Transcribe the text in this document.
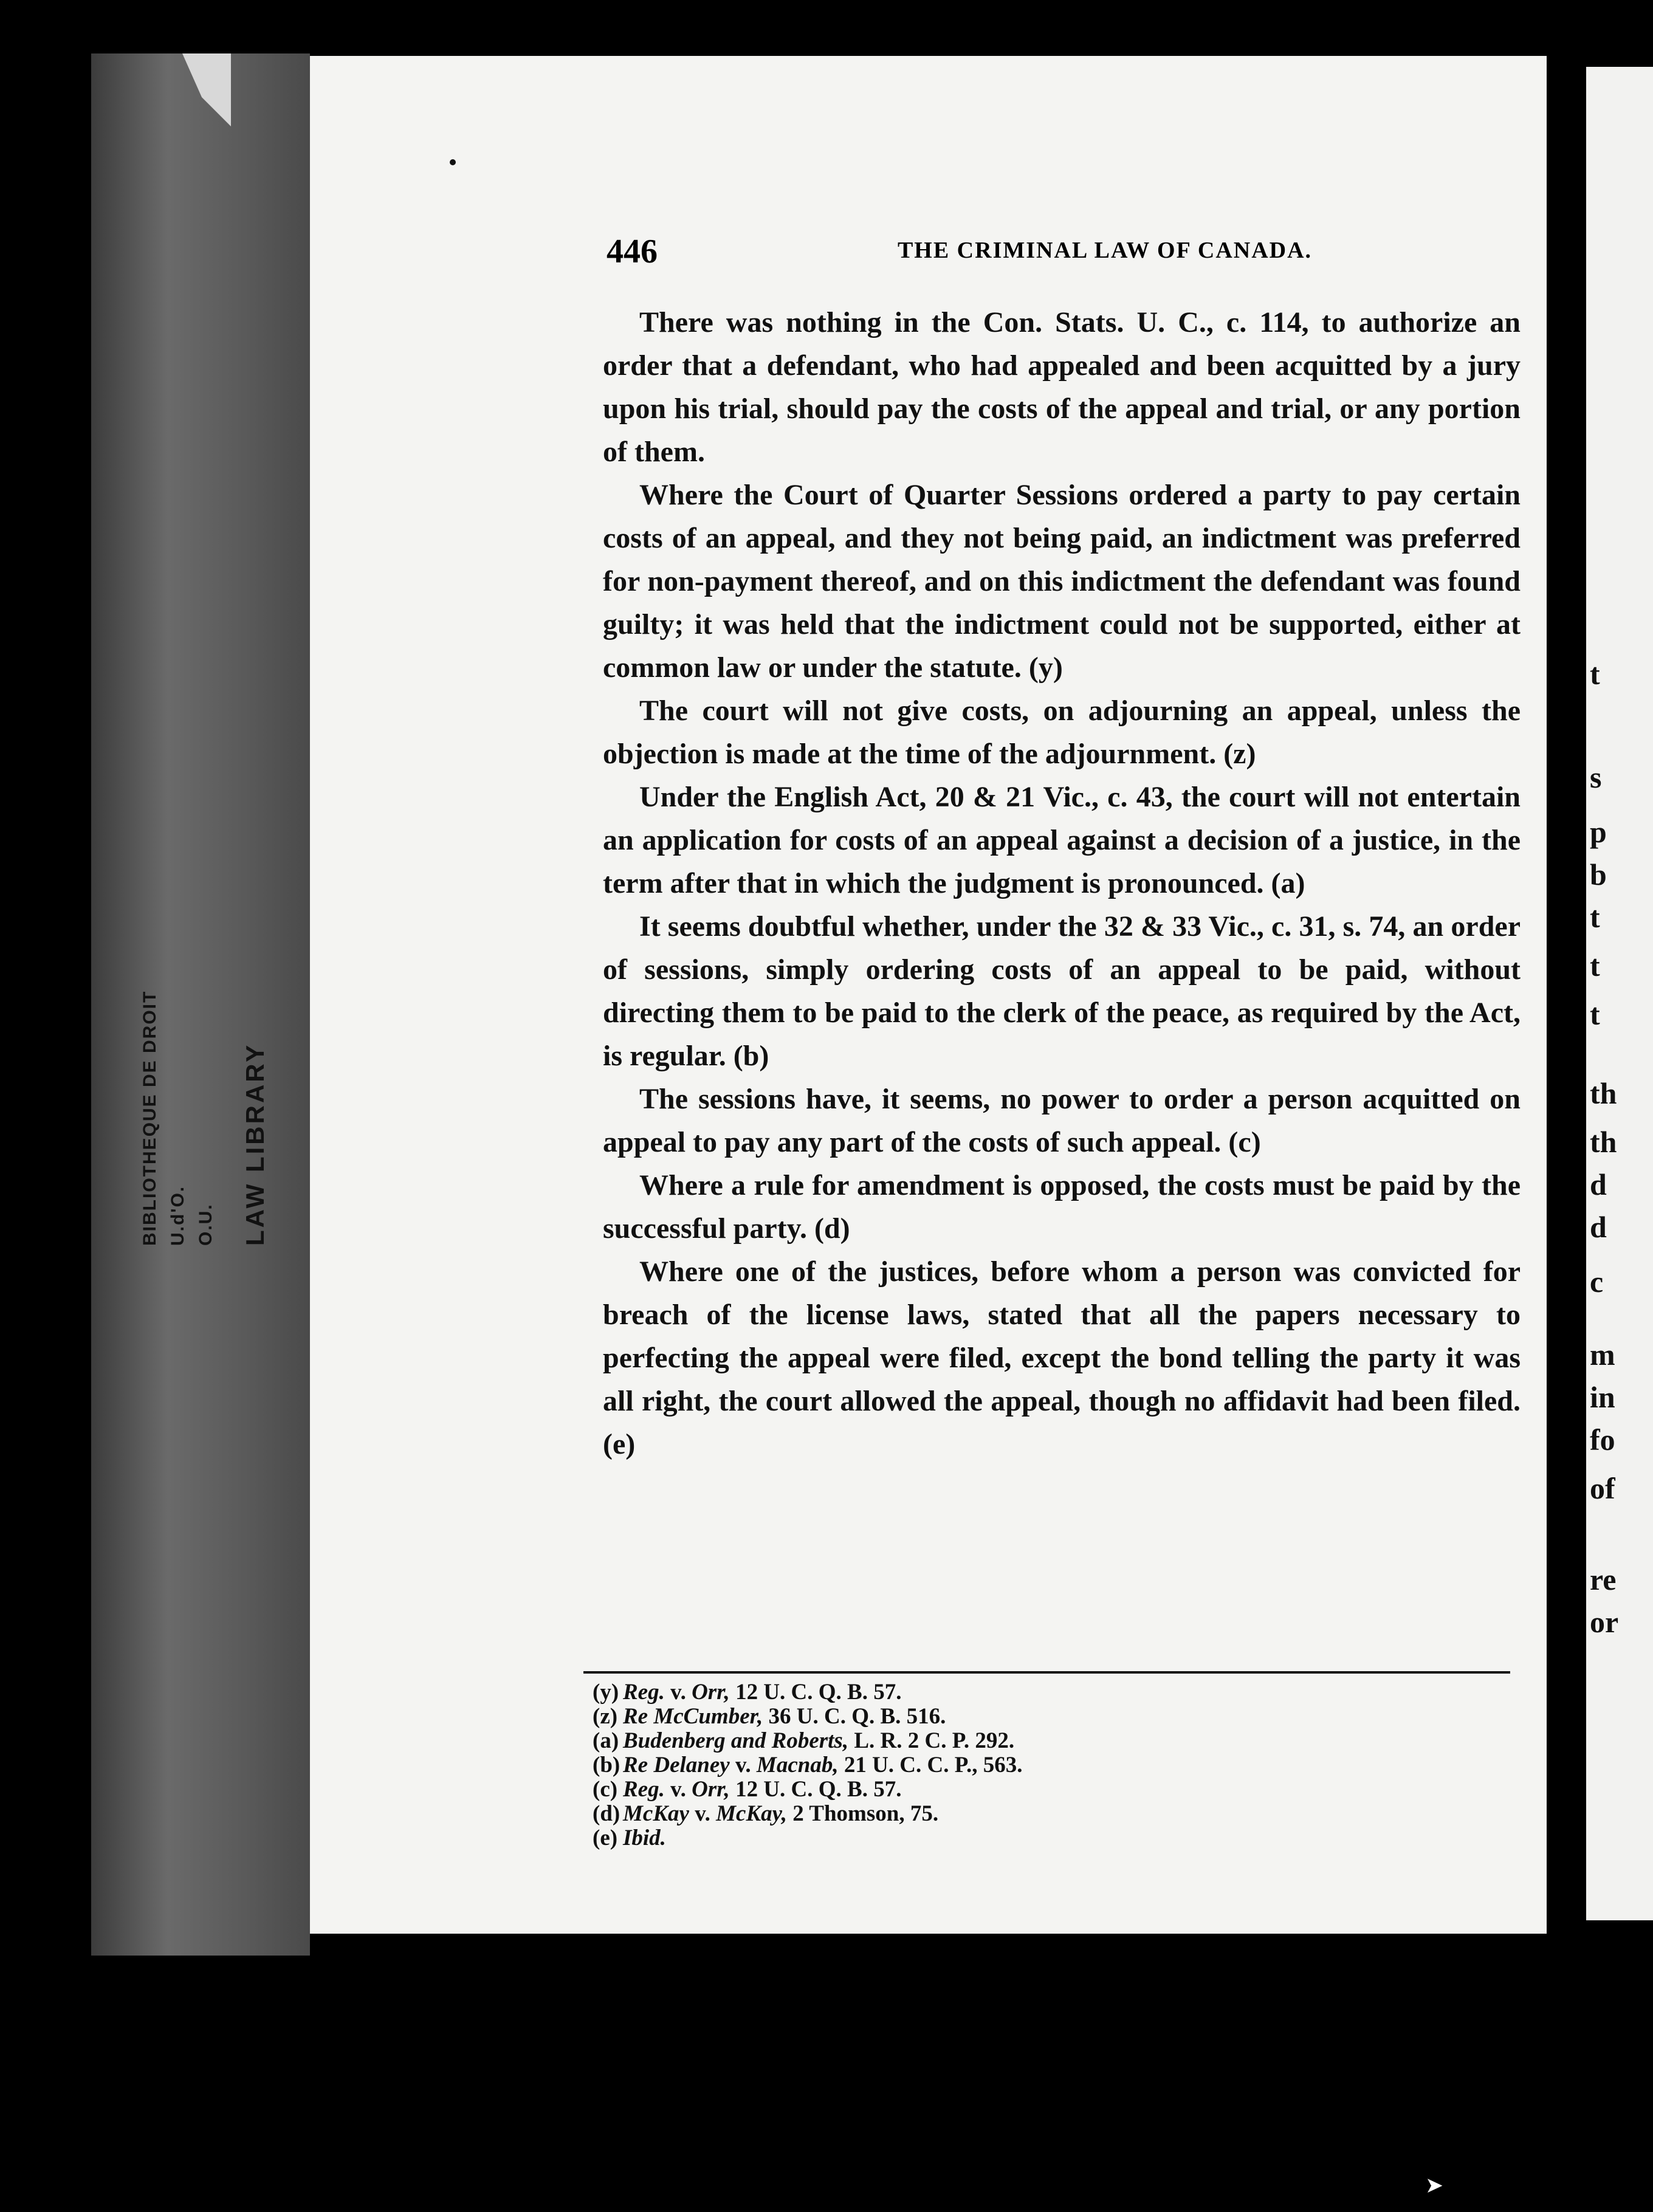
BIBLIOTHEQUE DE DROIT U.d'O. O.U. LAW LIBRARY
t
s
p
b
t
t
t
th
th
d
d
c
m
in
fo
of
re
or
446	THE CRIMINAL LAW OF CANADA.

There was nothing in the Con. Stats. U. C., c. 114, to authorize an order that a defendant, who had appealed and been acquitted by a jury upon his trial, should pay the costs of the appeal and trial, or any portion of them.

Where the Court of Quarter Sessions ordered a party to pay certain costs of an appeal, and they not being paid, an indictment was preferred for non-payment thereof, and on this indictment the defendant was found guilty; it was held that the indictment could not be supported, either at common law or under the statute. (y)

The court will not give costs, on adjourning an appeal, unless the objection is made at the time of the adjournment. (z)

Under the English Act, 20 & 21 Vic., c. 43, the court will not entertain an application for costs of an appeal against a decision of a justice, in the term after that in which the judgment is pronounced. (a)

It seems doubtful whether, under the 32 & 33 Vic., c. 31, s. 74, an order of sessions, simply ordering costs of an appeal to be paid, without directing them to be paid to the clerk of the peace, as required by the Act, is regular. (b)

The sessions have, it seems, no power to order a person acquitted on appeal to pay any part of the costs of such appeal. (c)

Where a rule for amendment is opposed, the costs must be paid by the successful party. (d)

Where one of the justices, before whom a person was convicted for breach of the license laws, stated that all the papers necessary to perfecting the appeal were filed, except the bond telling the party it was all right, the court allowed the appeal, though no affidavit had been filed. (e)

(y) Reg. v. Orr, 12 U. C. Q. B. 57.
(z) Re McCumber, 36 U. C. Q. B. 516.
(a) Budenberg and Roberts, L. R. 2 C. P. 292.
(b) Re Delaney v. Macnab, 21 U. C. C. P., 563.
(c) Reg. v. Orr, 12 U. C. Q. B. 57.
(d) McKay v. McKay, 2 Thomson, 75.
(e) Ibid.
➤
